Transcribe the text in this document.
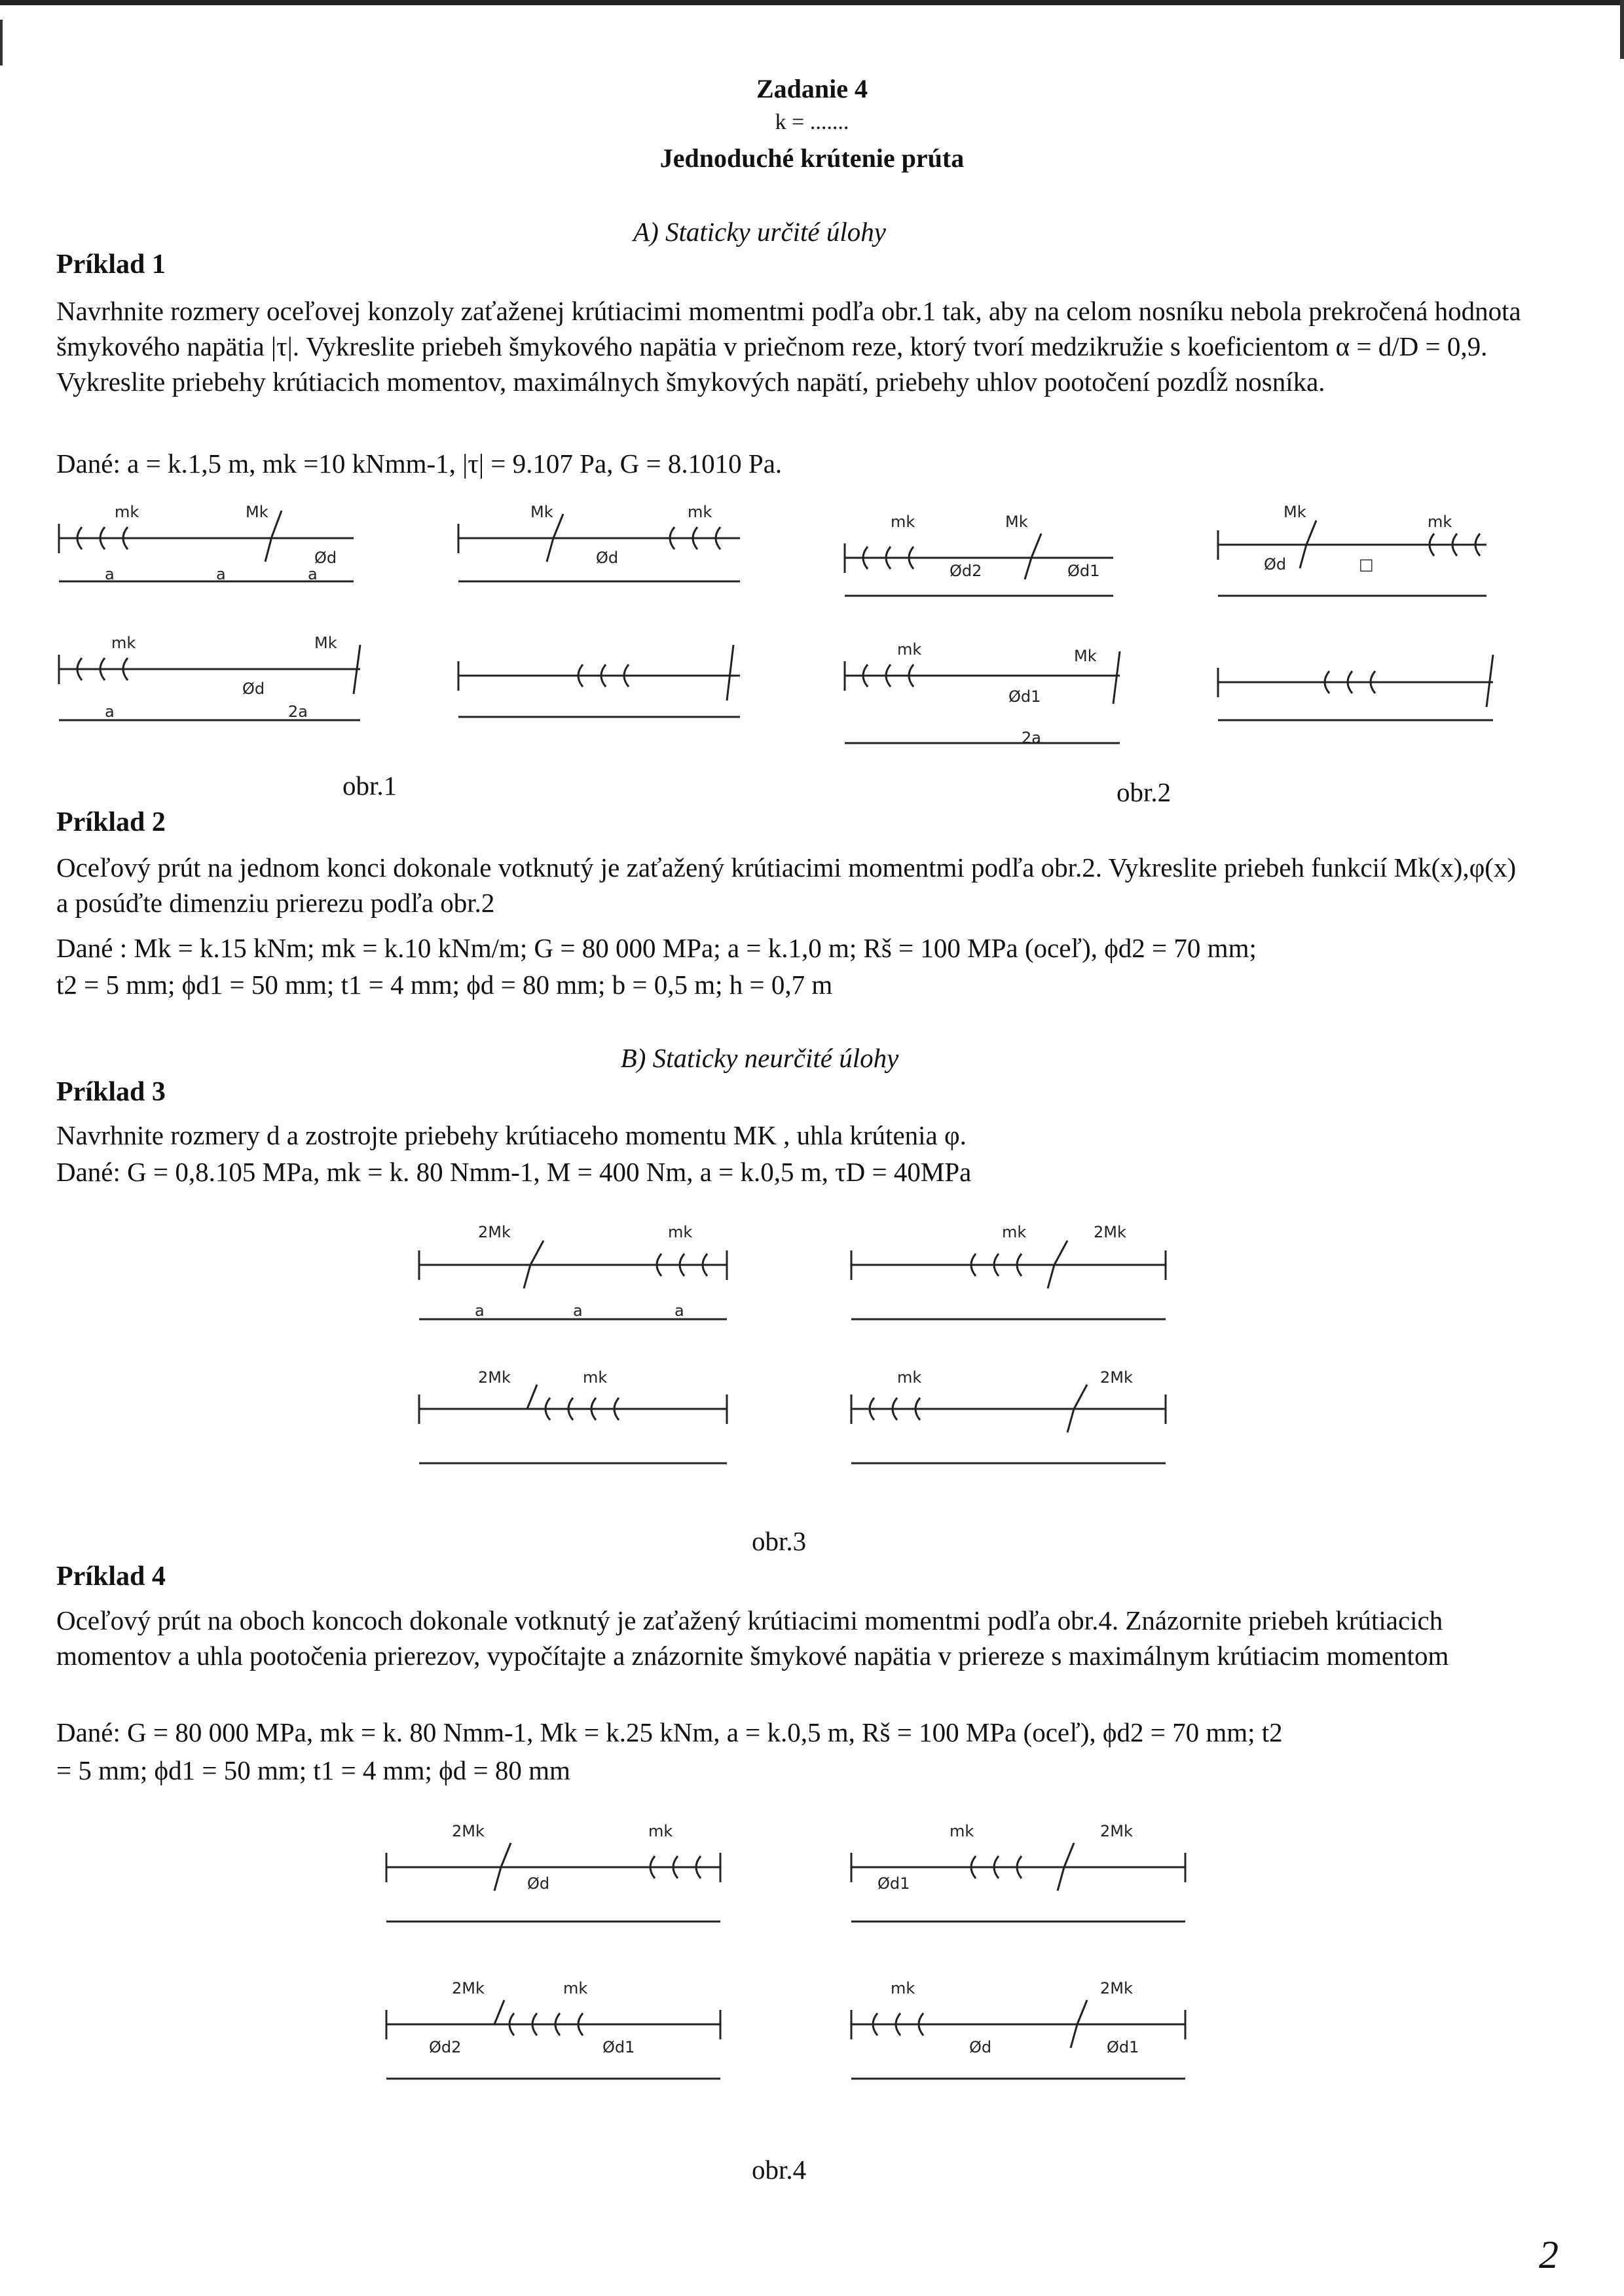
Zadanie 4
k = .......
Jednoduché krútenie prúta
A) Staticky určité úlohy
Príklad 1
Navrhnite rozmery oceľovej konzoly zaťaženej krútiacimi momentmi podľa obr.1 tak, aby na celom nosníku nebola prekročená hodnota šmykového napätia |τ|. Vykreslite priebeh šmykového napätia v priečnom reze, ktorý tvorí medzikružie s koeficientom α = d/D = 0,9. Vykreslite priebehy krútiacich momentov, maximálnych šmykových napätí, priebehy uhlov pootočení pozdĺž nosníka.
Dané: a = k.1,5 m, mk =10 kNmm-1, |τ| = 9.107 Pa, G = 8.1010 Pa.
mk	Mk
Ød
a	a	a
Mk	mk
Ød
mk	Mk
Ød2	Ød1
Mk
mk
Ød	□
mk	Mk
Ød
a	2a
mk	Mk
Ød1
2a
obr.1	obr.2
Príklad 2
Oceľový prút na jednom konci dokonale votknutý je zaťažený krútiacimi momentmi podľa obr.2. Vykreslite priebeh funkcií Mk(x),φ(x) a posúďte dimenziu prierezu podľa obr.2
Dané : Mk = k.15 kNm; mk = k.10 kNm/m; G = 80 000 MPa; a = k.1,0 m; Rš = 100 MPa (oceľ), ϕd2 = 70 mm;
t2 = 5 mm; ϕd1 = 50 mm; t1 = 4 mm; ϕd = 80 mm; b = 0,5 m; h = 0,7 m
B) Staticky neurčité úlohy
Príklad 3
Navrhnite rozmery d a zostrojte priebehy krútiaceho momentu MK , uhla krútenia φ.
Dané: G = 0,8.105 MPa, mk = k. 80 Nmm-1, M = 400 Nm, a = k.0,5 m, τD = 40MPa
2Mk	mk
a	a	a
mk	2Mk
2Mk	mk	mk	2Mk
obr.3
Príklad 4
Oceľový prút na oboch koncoch dokonale votknutý je zaťažený krútiacimi momentmi podľa obr.4. Znázornite priebeh krútiacich momentov a uhla pootočenia prierezov, vypočítajte a znázornite šmykové napätia v priereze s maximálnym krútiacim momentom
Dané: G = 80 000 MPa, mk = k. 80 Nmm-1, Mk = k.25 kNm, a = k.0,5 m, Rš = 100 MPa (oceľ), ϕd2 = 70 mm; t2
= 5 mm; ϕd1 = 50 mm; t1 = 4 mm; ϕd = 80 mm
2Mk	mk
Ød
mk	2Mk
Ød1
2Mk	mk
Ød2	Ød1
mk	2Mk
Ød	Ød1
obr.4
2
